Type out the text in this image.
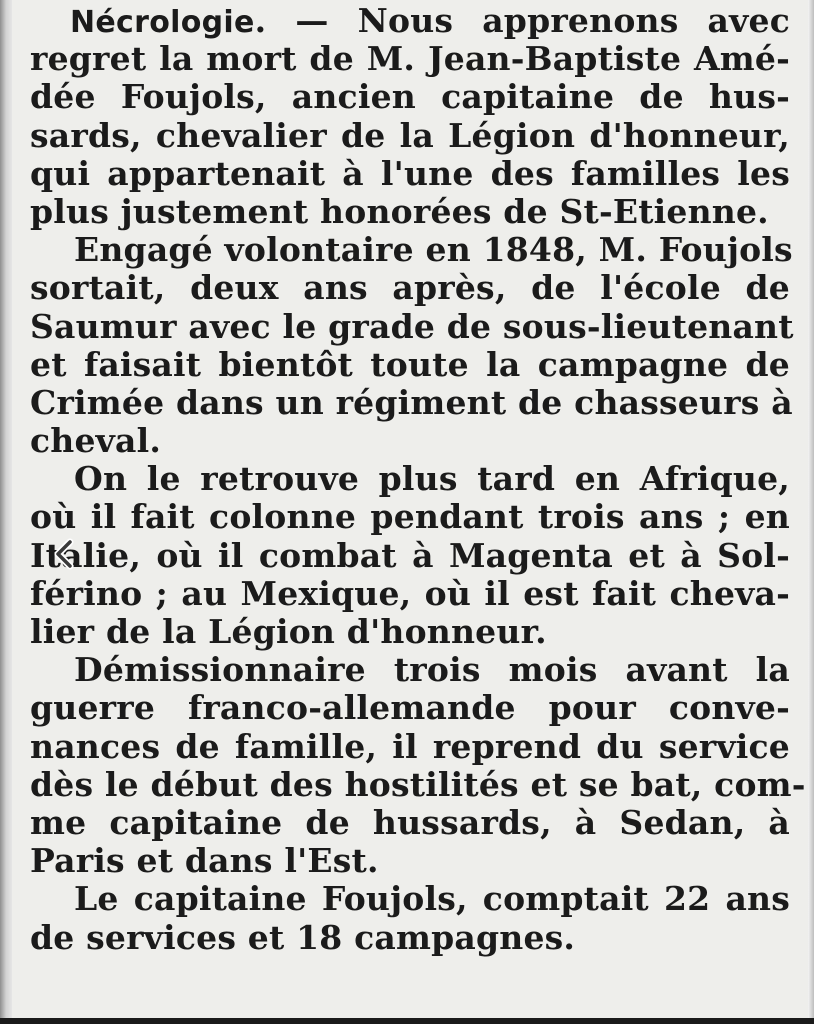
Nécrologie. — Nous apprenons avec
regret la mort de M. Jean-Baptiste Amé-
dée Foujols, ancien capitaine de hus-
sards, chevalier de la Légion d'honneur,
qui appartenait à l'une des familles les
plus justement honorées de St-Etienne.
Engagé volontaire en 1848, M. Foujols
sortait, deux ans après, de l'école de
Saumur avec le grade de sous-lieutenant
et faisait bientôt toute la campagne de
Crimée dans un régiment de chasseurs à
cheval.
On le retrouve plus tard en Afrique,
où il fait colonne pendant trois ans ; en
Italie, où il combat à Magenta et à Sol-
férino ; au Mexique, où il est fait cheva-
lier de la Légion d'honneur.
Démissionnaire trois mois avant la
guerre franco-allemande pour conve-
nances de famille, il reprend du service
dès le début des hostilités et se bat, com-
me capitaine de hussards, à Sedan, à
Paris et dans l'Est.
Le capitaine Foujols, comptait 22 ans
de services et 18 campagnes.
